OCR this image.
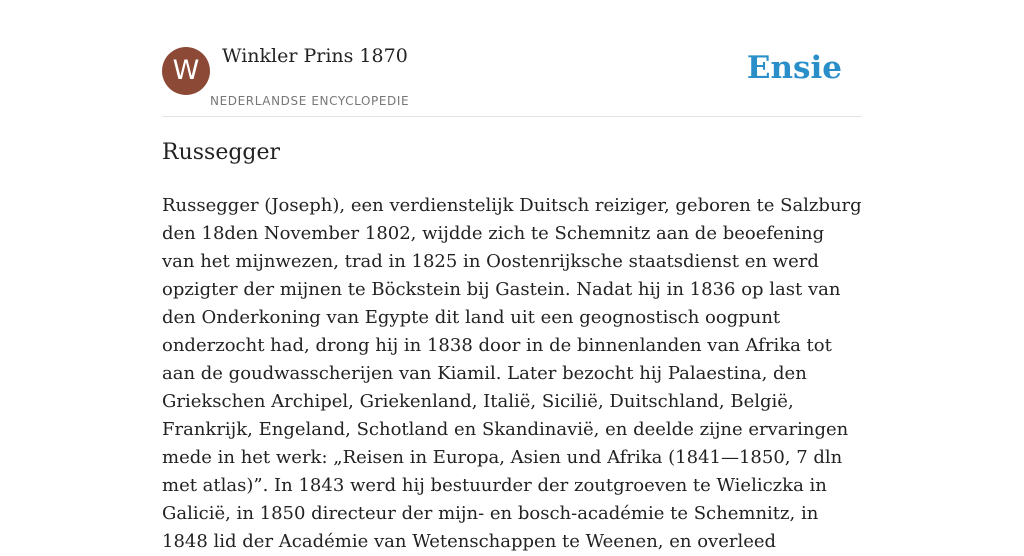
W	Winkler Prins 1870
NEDERLANDSE ENCYCLOPEDIE
Ensie
Russegger

Russegger (Joseph), een verdienstelijk Duitsch reiziger, geboren te Salzburg den 18den November 1802, wijdde zich te Schemnitz aan de beoefening van het mijnwezen, trad in 1825 in Oostenrijksche staatsdienst en werd opzigter der mijnen te Böckstein bij Gastein. Nadat hij in 1836 op last van den Onderkoning van Egypte dit land uit een geognostisch oogpunt onderzocht had, drong hij in 1838 door in de binnenlanden van Afrika tot aan de goudwasscherijen van Kiamil. Later bezocht hij Palaestina, den Griekschen Archipel, Griekenland, Italië, Sicilië, Duitschland, België, Frankrijk, Engeland, Schotland en Skandinavië, en deelde zijne ervaringen mede in het werk: „Reisen in Europa, Asien und Afrika (1841—1850, 7 dln met atlas)”. In 1843 werd hij bestuurder der zoutgroeven te Wieliczka in Galicië, in 1850 directeur der mijn- en bosch-académie te Schemnitz, in 1848 lid der Académie van Wetenschappen te Weenen, en overleed
